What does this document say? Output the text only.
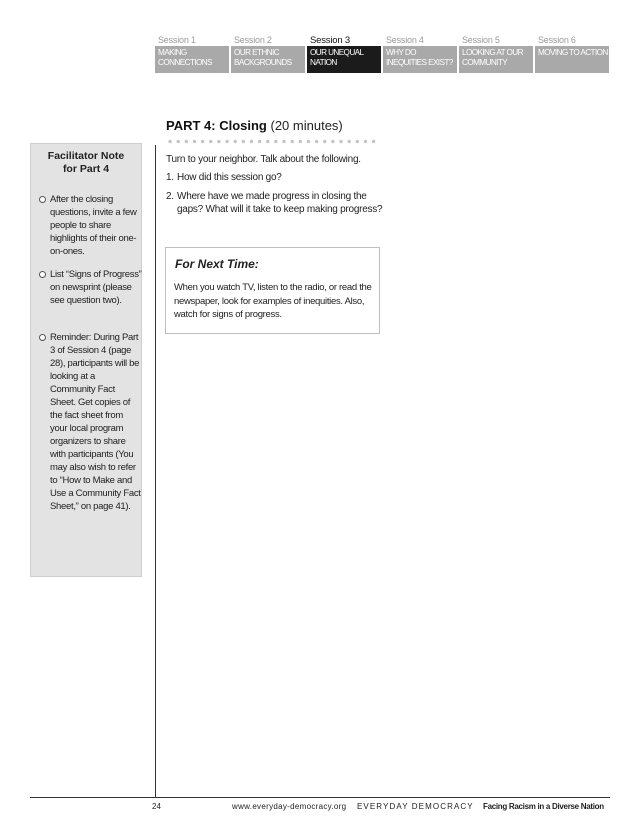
Session 1
MAKING CONNECTIONS
Session 2
OUR ETHNIC BACKGROUNDS
Session 3
OUR UNEQUAL NATION
Session 4
WHY DO INEQUITIES EXIST?
Session 5
LOOKING AT OUR COMMUNITY
Session 6
MOVING TO ACTION
PART 4: Closing (20 minutes)
Facilitator Note for Part 4
After the closing questions, invite a few people to share highlights of their one-on-ones.
List “Signs of Progress” on newsprint (please see question two).
Reminder: During Part 3 of Session 4 (page 28), participants will be looking at a Community Fact Sheet. Get copies of the fact sheet from your local program organizers to share with participants (You may also wish to refer to “How to Make and Use a Community Fact Sheet,” on page 41).
Turn to your neighbor. Talk about the following.
1. How did this session go?
2. Where have we made progress in closing the gaps? What will it take to keep making progress?
For Next Time:
When you watch TV, listen to the radio, or read the newspaper, look for examples of inequities. Also, watch for signs of progress.
24	www.everyday-democracy.org EVERYDAY DEMOCRACY Facing Racism in a Diverse Nation
